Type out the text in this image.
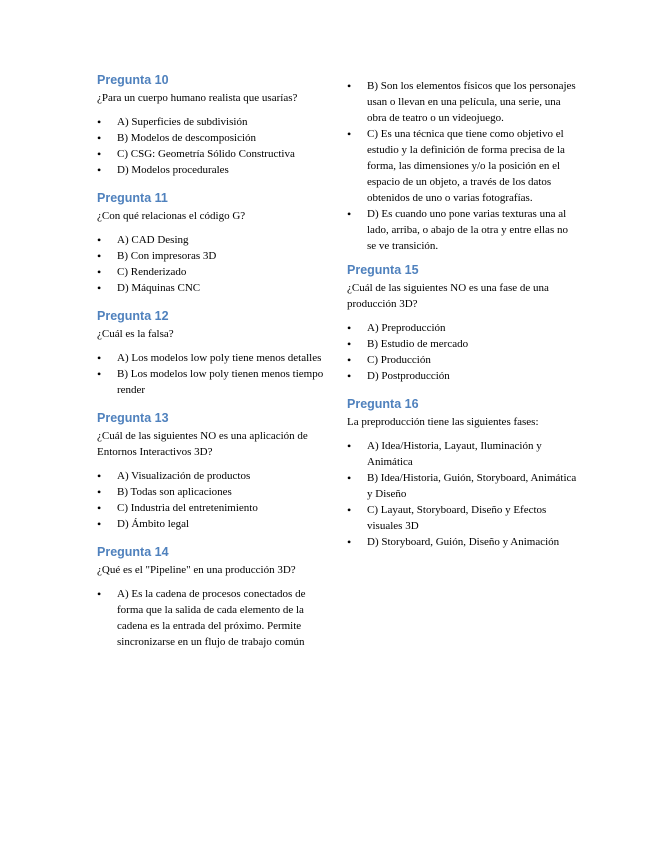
Pregunta 10
¿Para un cuerpo humano realista que usarías?
• A) Superficies de subdivisión
• B) Modelos de descomposición
• C) CSG: Geometría Sólido Constructiva
• D) Modelos procedurales
Pregunta 11
¿Con qué relacionas el código G?
• A) CAD Desing
• B) Con impresoras 3D
• C) Renderizado
• D) Máquinas CNC
Pregunta 12
¿Cuál es la falsa?
• A) Los modelos low poly tiene menos detalles
• B) Los modelos low poly tienen menos tiempo render
Pregunta 13
¿Cuál de las siguientes NO es una aplicación de Entornos Interactivos 3D?
• A) Visualización de productos
• B) Todas son aplicaciones
• C) Industria del entretenimiento
• D) Ámbito legal
Pregunta 14
¿Qué es el "Pipeline" en una producción 3D?
• A) Es la cadena de procesos conectados de forma que la salida de cada elemento de la cadena es la entrada del próximo. Permite sincronizarse en un flujo de trabajo común
• B) Son los elementos físicos que los personajes usan o llevan en una película, una serie, una obra de teatro o un videojuego.
• C) Es una técnica que tiene como objetivo el estudio y la definición de forma precisa de la forma, las dimensiones y/o la posición en el espacio de un objeto, a través de los datos obtenidos de uno o varias fotografías.
• D) Es cuando uno pone varias texturas una al lado, arriba, o abajo de la otra y entre ellas no se ve transición.
Pregunta 15
¿Cuál de las siguientes NO es una fase de una producción 3D?
• A) Preproducción
• B) Estudio de mercado
• C) Producción
• D) Postproducción
Pregunta 16
La preproducción tiene las siguientes fases:
• A) Idea/Historia, Layaut, Iluminación y Animática
• B) Idea/Historia, Guión, Storyboard, Animática y Diseño
• C) Layaut, Storyboard, Diseño y Efectos visuales 3D
• D) Storyboard, Guión, Diseño y Animación
